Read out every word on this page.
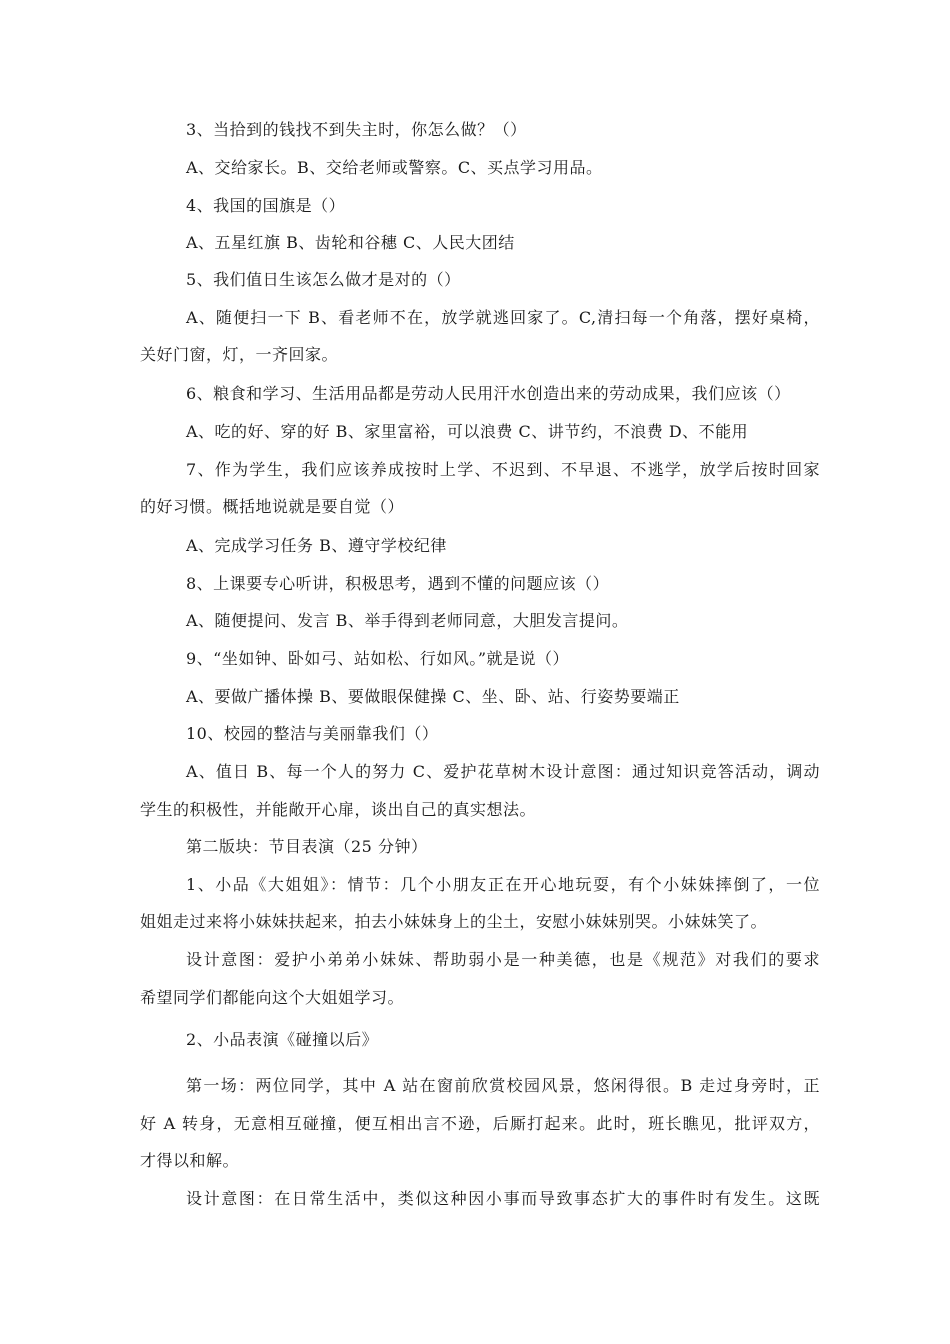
3、当拾到的钱找不到失主时，你怎么做？（）
A、交给家长。B、交给老师或警察。C、买点学习用品。
4、我国的国旗是（）
A、五星红旗 B、齿轮和谷穗 C、人民大团结
5、我们值日生该怎么做才是对的（）
A、随便扫一下 B、看老师不在，放学就逃回家了。C,清扫每一个角落，摆好桌椅，
关好门窗，灯，一齐回家。
6、粮食和学习、生活用品都是劳动人民用汗水创造出来的劳动成果，我们应该（）
A、吃的好、穿的好 B、家里富裕，可以浪费 C、讲节约，不浪费 D、不能用
7、作为学生，我们应该养成按时上学、不迟到、不早退、不逃学，放学后按时回家
的好习惯。概括地说就是要自觉（）
A、完成学习任务 B、遵守学校纪律
8、上课要专心听讲，积极思考，遇到不懂的问题应该（）
A、随便提问、发言 B、举手得到老师同意，大胆发言提问。
9、“坐如钟、卧如弓、站如松、行如风。”就是说（）
A、要做广播体操 B、要做眼保健操 C、坐、卧、站、行姿势要端正
10、校园的整洁与美丽靠我们（）
A、值日 B、每一个人的努力 C、爱护花草树木设计意图：通过知识竞答活动，调动
学生的积极性，并能敞开心扉，谈出自己的真实想法。
第二版块：节目表演（25 分钟）
1、小品《大姐姐》：情节：几个小朋友正在开心地玩耍，有个小妹妹摔倒了，一位
姐姐走过来将小妹妹扶起来，拍去小妹妹身上的尘土，安慰小妹妹别哭。小妹妹笑了。
设计意图：爱护小弟弟小妹妹、帮助弱小是一种美德，也是《规范》对我们的要求
希望同学们都能向这个大姐姐学习。
2、小品表演《碰撞以后》
第一场：两位同学，其中 A 站在窗前欣赏校园风景，悠闲得很。B 走过身旁时，正
好 A 转身，无意相互碰撞，便互相出言不逊，后厮打起来。此时，班长瞧见，批评双方，
才得以和解。
设计意图：在日常生活中，类似这种因小事而导致事态扩大的事件时有发生。这既
